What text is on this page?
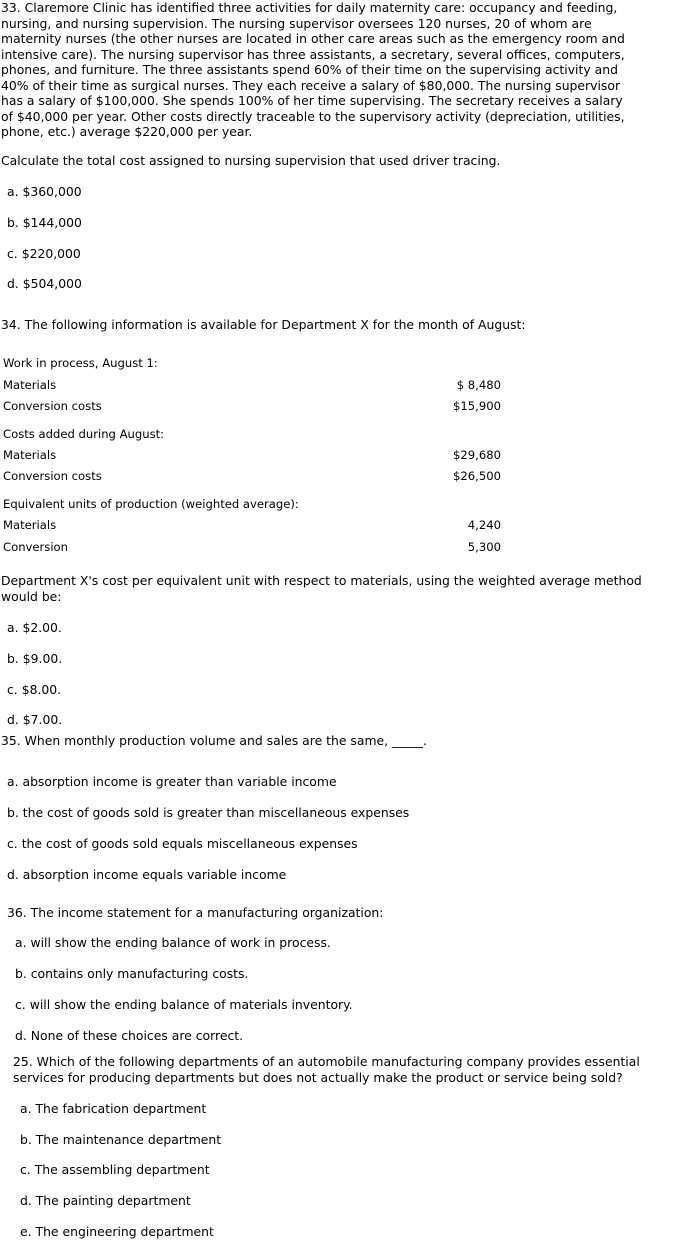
33. Claremore Clinic has identified three activities for daily maternity care: occupancy and feeding,
nursing, and nursing supervision. The nursing supervisor oversees 120 nurses, 20 of whom are
maternity nurses (the other nurses are located in other care areas such as the emergency room and
intensive care). The nursing supervisor has three assistants, a secretary, several offices, computers,
phones, and furniture. The three assistants spend 60% of their time on the supervising activity and
40% of their time as surgical nurses. They each receive a salary of $80,000. The nursing supervisor
has a salary of $100,000. She spends 100% of her time supervising. The secretary receives a salary
of $40,000 per year. Other costs directly traceable to the supervisory activity (depreciation, utilities,
phone, etc.) average $220,000 per year.
Calculate the total cost assigned to nursing supervision that used driver tracing.
a. $360,000
b. $144,000
c. $220,000
d. $504,000
34. The following information is available for Department X for the month of August:
Work in process, August 1:
Materials	$ 8,480
Conversion costs	$15,900
Costs added during August:
Materials	$29,680
Conversion costs	$26,500
Equivalent units of production (weighted average):
Materials	4,240
Conversion	5,300
Department X's cost per equivalent unit with respect to materials, using the weighted average method
would be:
a. $2.00.
b. $9.00.
c. $8.00.
d. $7.00.
35. When monthly production volume and sales are the same, _____.
a. absorption income is greater than variable income
b. the cost of goods sold is greater than miscellaneous expenses
c. the cost of goods sold equals miscellaneous expenses
d. absorption income equals variable income
36. The income statement for a manufacturing organization:
a. will show the ending balance of work in process.
b. contains only manufacturing costs.
c. will show the ending balance of materials inventory.
d. None of these choices are correct.
25. Which of the following departments of an automobile manufacturing company provides essential
services for producing departments but does not actually make the product or service being sold?
a. The fabrication department
b. The maintenance department
c. The assembling department
d. The painting department
e. The engineering department
